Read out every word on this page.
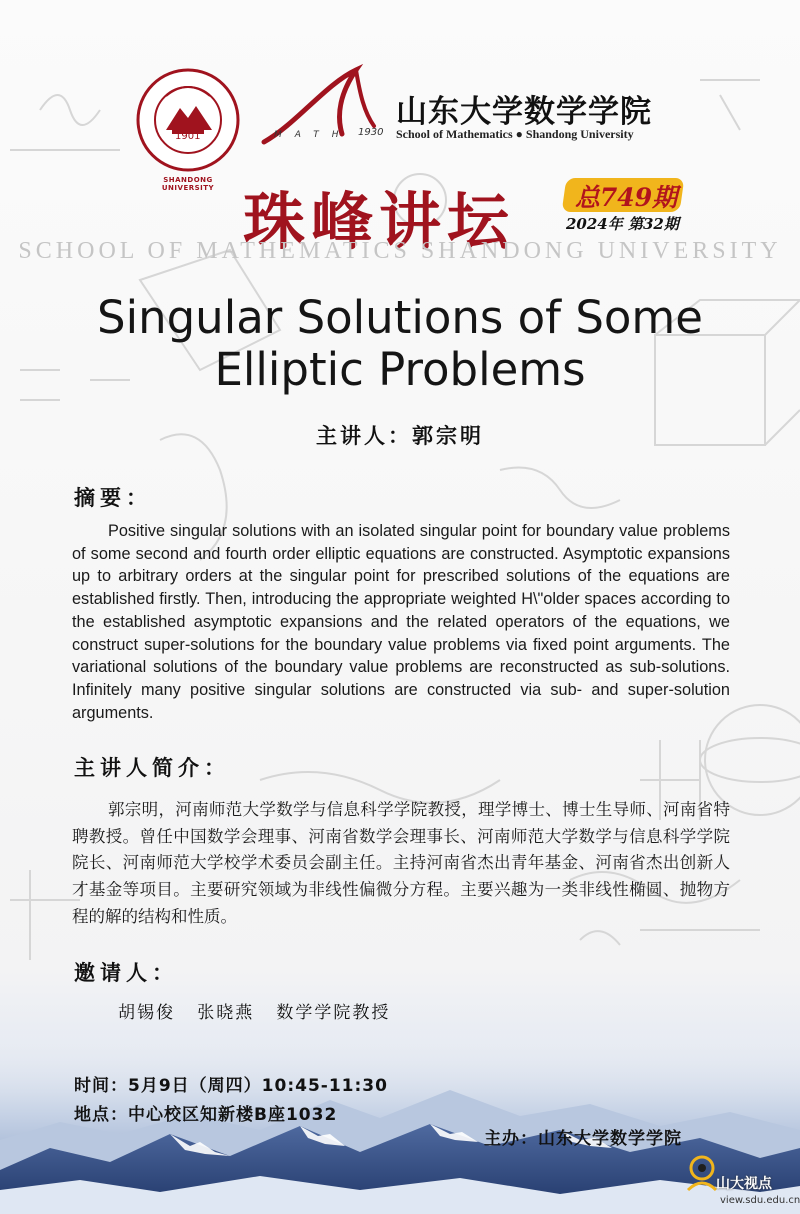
1901
SHANDONG UNIVERSITY
MATH 1930
山东大学数学学院
School of Mathematics ● Shandong University
珠峰讲坛 总749期
2024年 第32期
SCHOOL OF MATHEMATICS SHANDONG UNIVERSITY
Singular Solutions of Some
Elliptic Problems
主讲人：郭宗明
摘要：
Positive singular solutions with an isolated singular point for boundary value problems of some second and fourth order elliptic equations are constructed. Asymptotic expansions up to arbitrary orders at the singular point for prescribed solutions of the equations are established firstly. Then, introducing the appropriate weighted H\"older spaces according to the established asymptotic expansions and the related operators of the equations, we construct super-solutions for the boundary value problems via fixed point arguments. The variational solutions of the boundary value problems are reconstructed as sub-solutions. Infinitely many positive singular solutions are constructed via sub- and super-solution arguments.
主讲人简介：
郭宗明，河南师范大学数学与信息科学学院教授，理学博士、博士生导师、河南省特聘教授。曾任中国数学会理事、河南省数学会理事长、河南师范大学数学与信息科学学院院长、河南师范大学校学术委员会副主任。主持河南省杰出青年基金、河南省杰出创新人才基金等项目。主要研究领域为非线性偏微分方程。主要兴趣为一类非线性椭圆、抛物方程的解的结构和性质。
邀请人：
胡锡俊   张晓燕   数学学院教授
时间：5月9日（周四）10:45-11:30
地点：中心校区知新楼B座1032
主办：山东大学数学学院
山大视点
view.sdu.edu.cn
